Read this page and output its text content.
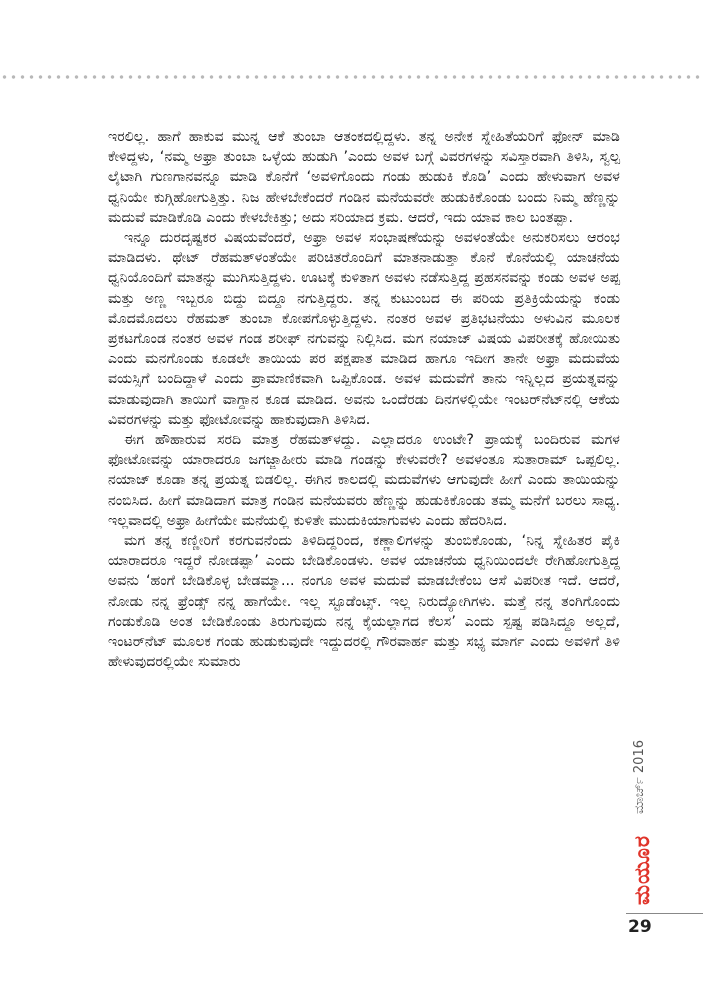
ಇರಲಿಲ್ಲ. ಹಾಗೆ ಹಾಕುವ ಮುನ್ನ ಆಕೆ ತುಂಬಾ ಆತಂಕದಲ್ಲಿದ್ದಳು. ತನ್ನ ಅನೇಕ ಸ್ನೇಹಿತೆಯರಿಗೆ ಫೋನ್ ಮಾಡಿ ಕೇಳಿದ್ದಳು, ‘ನಮ್ಮ ಅಫ್ರಾ ತುಂಬಾ ಒಳ್ಳೆಯ ಹುಡುಗಿ ’ಎಂದು ಅವಳ ಬಗ್ಗೆ ವಿವರಗಳನ್ನು ಸವಿಸ್ತಾರವಾಗಿ ತಿಳಿಸಿ, ಸ್ವಲ್ಪ ಲೈಟಾಗಿ ಗುಣಗಾನವನ್ನೂ ಮಾಡಿ ಕೊನೆಗೆ ‘ಅವಳಿಗೊಂದು ಗಂಡು ಹುಡುಕಿ ಕೊಡಿ’ ಎಂದು ಹೇಳುವಾಗ ಅವಳ ಧ್ವನಿಯೇ ಕುಗ್ಗಿಹೋಗುತ್ತಿತ್ತು. ನಿಜ ಹೇಳಬೇಕೆಂದರೆ ಗಂಡಿನ ಮನೆಯವರೇ ಹುಡುಕಿಕೊಂಡು ಬಂದು ನಿಮ್ಮ ಹೆಣ್ಣನ್ನು ಮದುವೆ ಮಾಡಿಕೊಡಿ ಎಂದು ಕೇಳಬೇಕಿತ್ತು; ಅದು ಸರಿಯಾದ ಕ್ರಮ. ಆದರೆ, ಇದು ಯಾವ ಕಾಲ ಬಂತಪ್ಪಾ.

ಇನ್ನೂ ದುರದೃಷ್ಟಕರ ವಿಷಯವೆಂದರೆ, ಅಫ್ರಾ ಅವಳ ಸಂಭಾಷಣೆಯನ್ನು ಅವಳಂತೆಯೇ ಅನುಕರಿಸಲು ಆರಂಭ ಮಾಡಿದಳು. ಥೇಟ್ ರೆಹಮತ್‌ಳಂತೆಯೇ ಪರಿಚಿತರೊಂದಿಗೆ ಮಾತನಾಡುತ್ತಾ ಕೊನೆ ಕೊನೆಯಲ್ಲಿ ಯಾಚನೆಯ ಧ್ವನಿಯೊಂದಿಗೆ ಮಾತನ್ನು ಮುಗಿಸುತ್ತಿದ್ದಳು. ಊಟಕ್ಕೆ ಕುಳಿತಾಗ ಅವಳು ನಡೆಸುತ್ತಿದ್ದ ಪ್ರಹಸನವನ್ನು ಕಂಡು ಅವಳ ಅಪ್ಪ ಮತ್ತು ಅಣ್ಣ ಇಬ್ಬರೂ ಬಿದ್ದು ಬಿದ್ದೂ ನಗುತ್ತಿದ್ದರು. ತನ್ನ ಕುಟುಂಬದ ಈ ಪರಿಯ ಪ್ರತಿಕ್ರಿಯೆಯನ್ನು ಕಂಡು ಮೊದಮೊದಲು ರೆಹಮತ್ ತುಂಬಾ ಕೋಪಗೊಳ್ಳುತ್ತಿದ್ದಳು. ನಂತರ ಅವಳ ಪ್ರತಿಭಟನೆಯು ಅಳುವಿನ ಮೂಲಕ ಪ್ರಕಟಗೊಂಡ ನಂತರ ಅವಳ ಗಂಡ ಶರೀಫ್ ನಗುವನ್ನು ನಿಲ್ಲಿಸಿದ. ಮಗ ನಯಾಜ್ ವಿಷಯ ವಿಪರೀತಕ್ಕೆ ಹೋಯಿತು ಎಂದು ಮನಗೊಂಡು ಕೂಡಲೇ ತಾಯಿಯ ಪರ ಪಕ್ಷಪಾತ ಮಾಡಿದ ಹಾಗೂ ಇದೀಗ ತಾನೇ ಅಫ್ರಾ ಮದುವೆಯ ವಯಸ್ಸಿಗೆ ಬಂದಿದ್ದಾಳೆ ಎಂದು ಪ್ರಾಮಾಣಿಕವಾಗಿ ಒಪ್ಪಿಕೊಂಡ. ಅವಳ ಮದುವೆಗೆ ತಾನು ಇನ್ನಿಲ್ಲದ ಪ್ರಯತ್ನವನ್ನು ಮಾಡುವುದಾಗಿ ತಾಯಿಗೆ ವಾಗ್ದಾನ ಕೂಡ ಮಾಡಿದ. ಅವನು ಒಂದೆರಡು ದಿನಗಳಲ್ಲಿಯೇ ಇಂಟರ್‌ನೆಟ್‌ನಲ್ಲಿ ಆಕೆಯ ವಿವರಗಳನ್ನು ಮತ್ತು ಫೋಟೋವನ್ನು ಹಾಕುವುದಾಗಿ ತಿಳಿಸಿದ.

ಈಗ ಹೌಹಾರುವ ಸರದಿ ಮಾತ್ರ ರೆಹಮತ್‌ಳದ್ದು. ಎಲ್ಲಾದರೂ ಉಂಟೇ? ಪ್ರಾಯಕ್ಕೆ ಬಂದಿರುವ ಮಗಳ ಫೋಟೋವನ್ನು ಯಾರಾದರೂ ಜಗಜ್ಜಾಹೀರು ಮಾಡಿ ಗಂಡನ್ನು ಕೇಳುವರೇ? ಅವಳಂತೂ ಸುತಾರಾಮ್ ಒಪ್ಪಲಿಲ್ಲ. ನಯಾಜ್ ಕೂಡಾ ತನ್ನ ಪ್ರಯತ್ನ ಬಿಡಲಿಲ್ಲ. ಈಗಿನ ಕಾಲದಲ್ಲಿ ಮದುವೆಗಳು ಆಗುವುದೇ ಹೀಗೆ ಎಂದು ತಾಯಿಯನ್ನು ನಂಬಿಸಿದ. ಹೀಗೆ ಮಾಡಿದಾಗ ಮಾತ್ರ ಗಂಡಿನ ಮನೆಯವರು ಹೆಣ್ಣನ್ನು ಹುಡುಕಿಕೊಂಡು ತಮ್ಮ ಮನೆಗೆ ಬರಲು ಸಾಧ್ಯ. ಇಲ್ಲವಾದಲ್ಲಿ ಅಫ್ರಾ ಹೀಗೆಯೇ ಮನೆಯಲ್ಲಿ ಕುಳಿತೇ ಮುದುಕಿಯಾಗುವಳು ಎಂದು ಹೆದರಿಸಿದ.

ಮಗ ತನ್ನ ಕಣ್ಣೀರಿಗೆ ಕರಗುವನೆಂದು ತಿಳಿದಿದ್ದರಿಂದ, ಕಣ್ಣಾಲಿಗಳನ್ನು ತುಂಬಿಕೊಂಡು, ‘ನಿನ್ನ ಸ್ನೇಹಿತರ ಪೈಕಿ ಯಾರಾದರೂ ಇದ್ದರೆ ನೋಡಪ್ಪಾ’ ಎಂದು ಬೇಡಿಕೊಂಡಳು. ಅವಳ ಯಾಚನೆಯ ಧ್ವನಿಯಿಂದಲೇ ರೇಗಿಹೋಗುತ್ತಿದ್ದ ಅವನು ‘ಹಂಗೆ ಬೇಡಿಕೊಳ್ಳ ಬೇಡಮ್ಮಾ... ನಂಗೂ ಅವಳ ಮದುವೆ ಮಾಡಬೇಕೆಂಬ ಆಸೆ ವಿಪರೀತ ಇದೆ. ಆದರೆ, ನೋಡು ನನ್ನ ಫ್ರೆಂಡ್ಸ್ ನನ್ನ ಹಾಗೆಯೇ. ಇಲ್ಲ ಸ್ಟೂಡೆಂಟ್ಸ್. ಇಲ್ಲ ನಿರುದ್ಯೋಗಿಗಳು. ಮತ್ತೆ ನನ್ನ ತಂಗಿಗೊಂದು ಗಂಡುಕೊಡಿ ಅಂತ ಬೇಡಿಕೊಂಡು ತಿರುಗುವುದು ನನ್ನ ಕೈಯಲ್ಲಾಗದ ಕೆಲಸ’ ಎಂದು ಸ್ಪಷ್ಟ ಪಡಿಸಿದ್ದೂ ಅಲ್ಲದೆ, ಇಂಟರ್‌ನೆಟ್ ಮೂಲಕ ಗಂಡು ಹುಡುಕುವುದೇ ಇದ್ದುದರಲ್ಲಿ ಗೌರವಾರ್ಹ ಮತ್ತು ಸಭ್ಯ ಮಾರ್ಗ ಎಂದು ಅವಳಿಗೆ ತಿಳಿ ಹೇಳುವುದರಲ್ಲಿಯೇ ಸುಮಾರು

ಮಾರ್ಚ್ 2016
ಮಯೂರ
29
